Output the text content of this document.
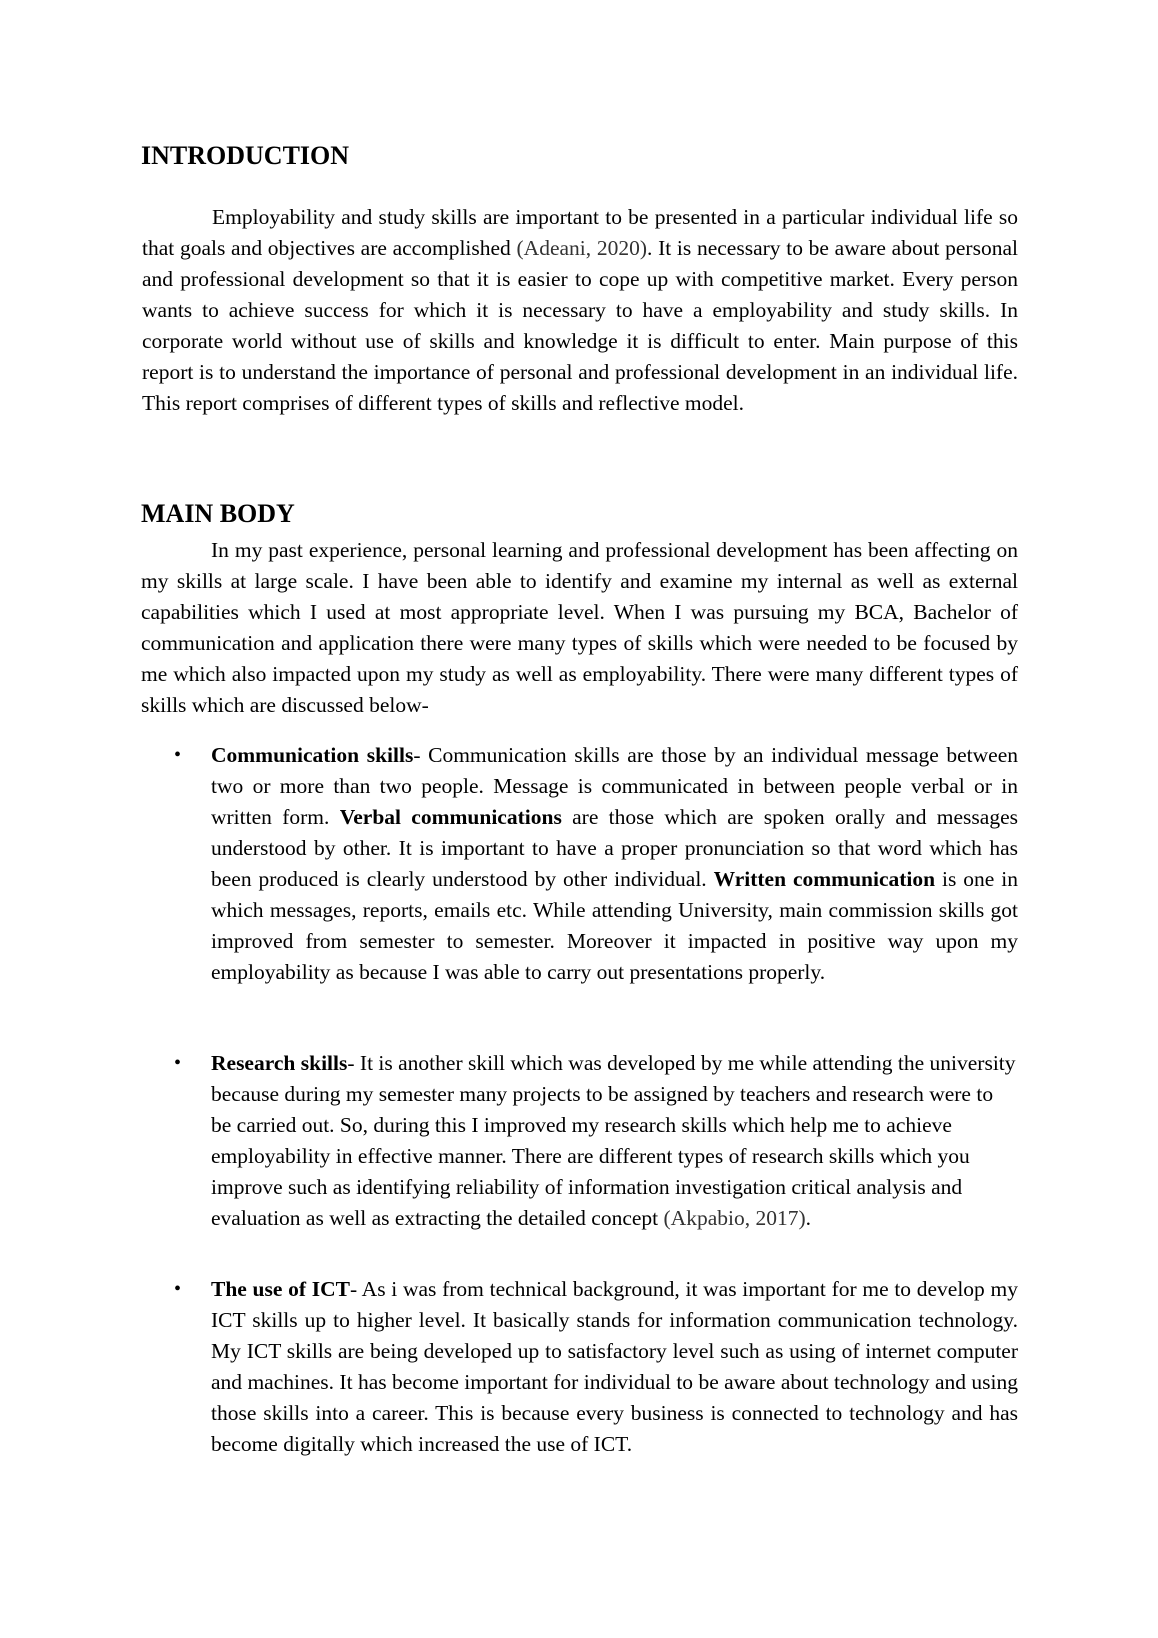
INTRODUCTION

Employability and study skills are important to be presented in a particular individual life so that goals and objectives are accomplished (Adeani, 2020). It is necessary to be aware about personal and professional development so that it is easier to cope up with competitive market. Every person wants to achieve success for which it is necessary to have a employability and study skills. In corporate world without use of skills and knowledge it is difficult to enter. Main purpose of this report is to understand the importance of personal and professional development in an individual life. This report comprises of different types of skills and reflective model.

MAIN BODY

In my past experience, personal learning and professional development has been affecting on my skills at large scale. I have been able to identify and examine my internal as well as external capabilities which I used at most appropriate level. When I was pursuing my BCA, Bachelor of communication and application there were many types of skills which were needed to be focused by me which also impacted upon my study as well as employability. There were many different types of skills which are discussed below-

• Communication skills- Communication skills are those by an individual message between two or more than two people. Message is communicated in between people verbal or in written form. Verbal communications are those which are spoken orally and messages understood by other. It is important to have a proper pronunciation so that word which has been produced is clearly understood by other individual. Written communication is one in which messages, reports, emails etc. While attending University, main commission skills got improved from semester to semester. Moreover it impacted in positive way upon my employability as because I was able to carry out presentations properly.

• Research skills- It is another skill which was developed by me while attending the university because during my semester many projects to be assigned by teachers and research were to be carried out. So, during this I improved my research skills which help me to achieve employability in effective manner. There are different types of research skills which you improve such as identifying reliability of information investigation critical analysis and evaluation as well as extracting the detailed concept (Akpabio, 2017).

• The use of ICT- As i was from technical background, it was important for me to develop my ICT skills up to higher level. It basically stands for information communication technology. My ICT skills are being developed up to satisfactory level such as using of internet computer and machines. It has become important for individual to be aware about technology and using those skills into a career. This is because every business is connected to technology and has become digitally which increased the use of ICT.
